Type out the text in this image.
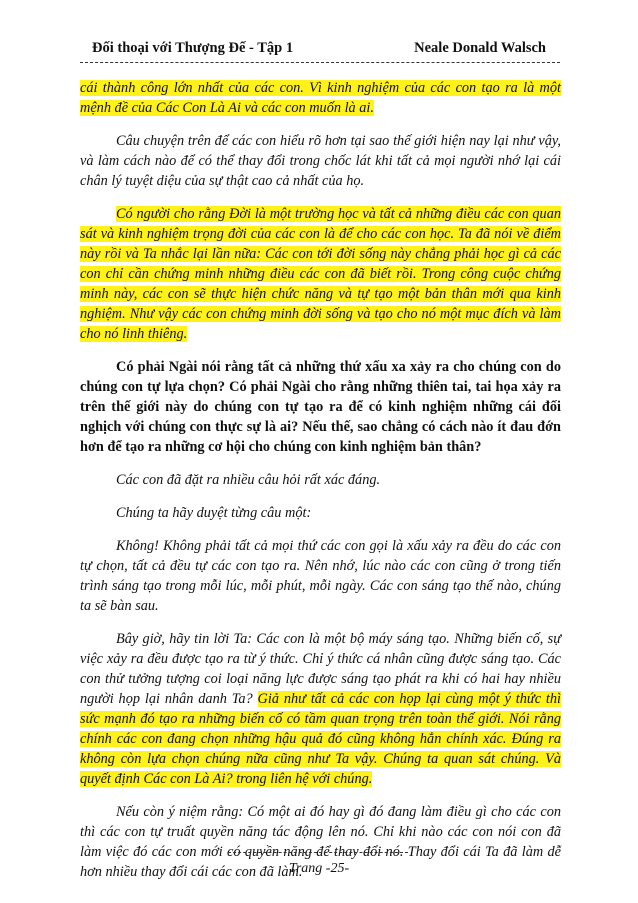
Đối thoại với Thượng Đế - Tập 1	Neale Donald Walsch

cái thành công lớn nhất của các con. Vì kinh nghiệm của các con tạo ra là một mệnh đề của Các Con Là Ai và các con muốn là ai.

Câu chuyện trên để các con hiểu rõ hơn tại sao thế giới hiện nay lại như vậy, và làm cách nào để có thể thay đổi trong chốc lát khi tất cả mọi người nhớ lại cái chân lý tuyệt diệu của sự thật cao cả nhất của họ.

Có người cho rằng Đời là một trường học và tất cả những điều các con quan sát và kinh nghiệm trọng đời của các con là để cho các con học. Ta đã nói về điểm này rồi và Ta nhắc lại lần nữa: Các con tới đời sống này chẳng phải học gì cả các con chỉ cần chứng minh những điều các con đã biết rồi. Trong công cuộc chứng minh này, các con sẽ thực hiện chức năng và tự tạo một bản thân mới qua kinh nghiệm. Như vậy các con chứng minh đời sống và tạo cho nó một mục đích và làm cho nó linh thiêng.

Có phải Ngài nói rằng tất cả những thứ xấu xa xảy ra cho chúng con do chúng con tự lựa chọn? Có phải Ngài cho rằng những thiên tai, tai họa xảy ra trên thế giới này do chúng con tự tạo ra để có kinh nghiệm những cái đối nghịch với chúng con thực sự là ai? Nếu thế, sao chẳng có cách nào ít đau đớn hơn để tạo ra những cơ hội cho chúng con kinh nghiệm bản thân?

Các con đã đặt ra nhiều câu hỏi rất xác đáng.

Chúng ta hãy duyệt từng câu một:

Không! Không phải tất cả mọi thứ các con gọi là xấu xảy ra đều do các con tự chọn, tất cả đều tự các con tạo ra. Nên nhớ, lúc nào các con cũng ở trong tiến trình sáng tạo trong mỗi lúc, mỗi phút, mỗi ngày. Các con sáng tạo thế nào, chúng ta sẽ bàn sau.

Bây giờ, hãy tin lời Ta: Các con là một bộ máy sáng tạo. Những biến cố, sự việc xảy ra đều được tạo ra từ ý thức. Chỉ ý thức cá nhân cũng được sáng tạo. Các con thử tưởng tượng coi loại năng lực được sáng tạo phát ra khi có hai hay nhiều người họp lại nhân danh Ta? Giả như tất cả các con họp lại cùng một ý thức thì sức mạnh đó tạo ra những biến cố có tầm quan trọng trên toàn thế giới. Nói rằng chính các con đang chọn những hậu quả đó cũng không hẳn chính xác. Đúng ra không còn lựa chọn chúng nữa cũng như Ta vậy. Chúng ta quan sát chúng. Và quyết định Các con Là Ai? trong liên hệ với chúng.

Nếu còn ý niệm rằng: Có một ai đó hay gì đó đang làm điều gì cho các con thì các con tự truất quyền năng tác động lên nó. Chỉ khi nào các con nói con đã làm việc đó các con mới có quyền năng để thay đổi nó. Thay đổi cái Ta đã làm dễ hơn nhiều thay đổi cái các con đã làm.

Trang -25-
